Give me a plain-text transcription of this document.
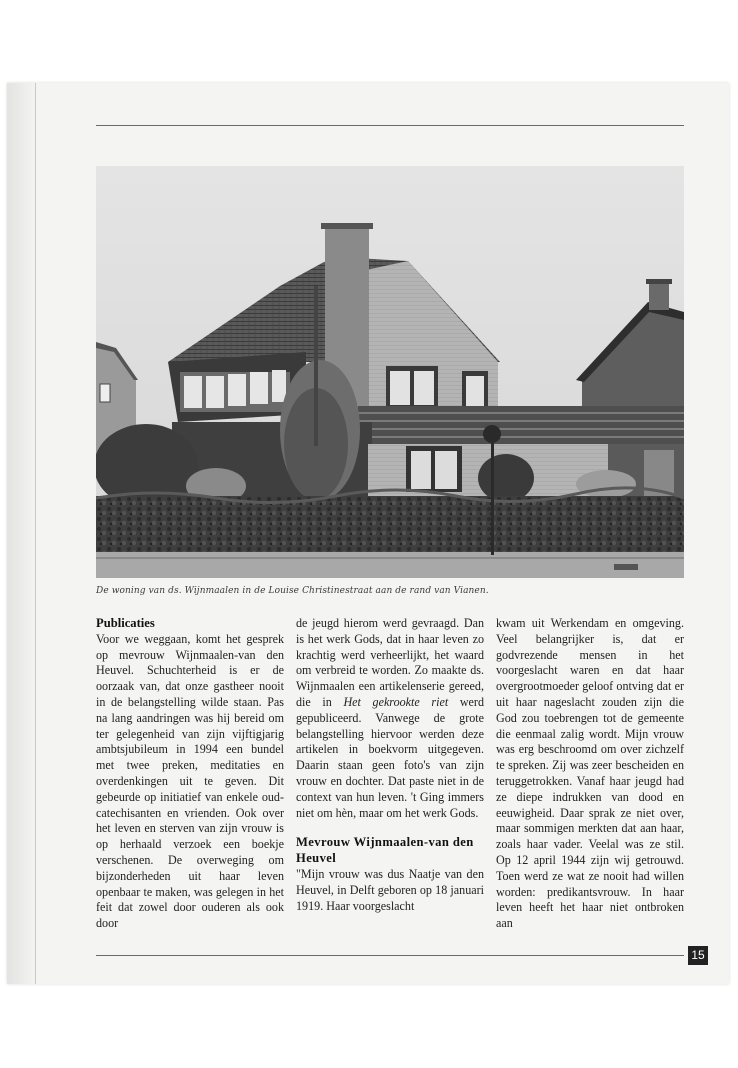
De woning van ds. Wijnmaalen in de Louise Christinestraat aan de rand van Vianen.
Publicaties

Voor we weggaan, komt het gesprek op mevrouw Wijnmaalen-van den Heuvel. Schuchterheid is er de oorzaak van, dat onze gastheer nooit in de belangstelling wilde staan. Pas na lang aandringen was hij bereid om ter gelegenheid van zijn vijftigjarig ambtsjubileum in 1994 een bundel met twee preken, meditaties en overdenkingen uit te geven. Dit gebeurde op initiatief van enkele oud-catechisanten en vrienden. Ook over het leven en sterven van zijn vrouw is op herhaald verzoek een boekje verschenen. De overweging om bijzonderheden uit haar leven openbaar te maken, was gelegen in het feit dat zowel door ouderen als ook door

de jeugd hierom werd gevraagd. Dan is het werk Gods, dat in haar leven zo krachtig werd verheerlijkt, het waard om verbreid te worden. Zo maakte ds. Wijnmaalen een artikelenserie gereed, die in Het gekrookte riet werd gepubliceerd. Vanwege de grote belangstelling hiervoor werden deze artikelen in boekvorm uitgegeven. Daarin staan geen foto's van zijn vrouw en dochter. Dat paste niet in de context van hun leven. 't Ging immers niet om hèn, maar om het werk Gods.

Mevrouw Wijnmaalen-van den Heuvel

"Mijn vrouw was dus Naatje van den Heuvel, in Delft geboren op 18 januari 1919. Haar voorgeslacht

kwam uit Werkendam en omgeving. Veel belangrijker is, dat er godvrezende mensen in het voorgeslacht waren en dat haar overgrootmoeder geloof ontving dat er uit haar nageslacht zouden zijn die God zou toebrengen tot de gemeente die eenmaal zalig wordt. Mijn vrouw was erg beschroomd om over zichzelf te spreken. Zij was zeer bescheiden en teruggetrokken. Vanaf haar jeugd had ze diepe indrukken van dood en eeuwigheid. Daar sprak ze niet over, maar sommigen merkten dat aan haar, zoals haar vader. Veelal was ze stil. Op 12 april 1944 zijn wij getrouwd. Toen werd ze wat ze nooit had willen worden: predikantsvrouw. In haar leven heeft het haar niet ontbroken aan

15
